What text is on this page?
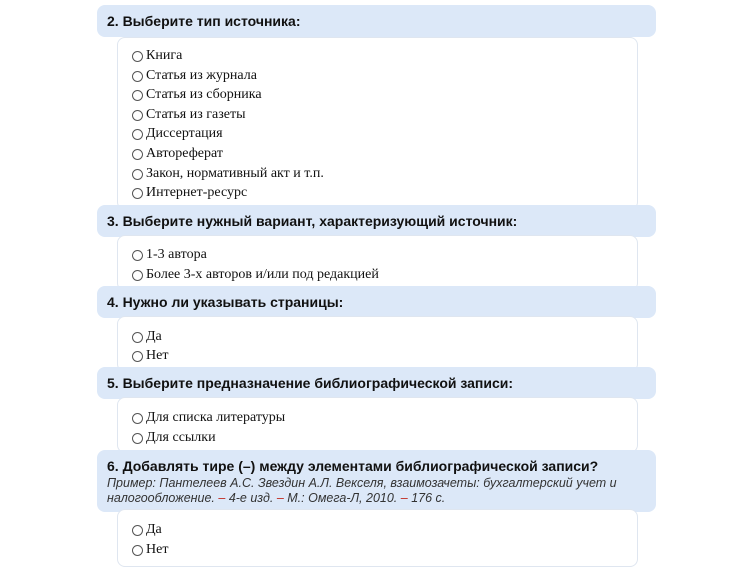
2. Выберите тип источника:
Книга
Статья из журнала
Статья из сборника
Статья из газеты
Диссертация
Автореферат
Закон, нормативный акт и т.п.
Интернет-ресурс
3. Выберите нужный вариант, характеризующий источник:
1-3 автора
Более 3-х авторов и/или под редакцией
4. Нужно ли указывать страницы:
Да
Нет
5. Выберите предназначение библиографической записи:
Для списка литературы
Для ссылки
6. Добавлять тире (–) между элементами библиографической записи?
Пример: Пантелеев А.С. Звездин А.Л. Векселя, взаимозачеты: бухгалтерский учет и налогообложение. – 4-е изд. – М.: Омега-Л, 2010. – 176 с.
Да
Нет
